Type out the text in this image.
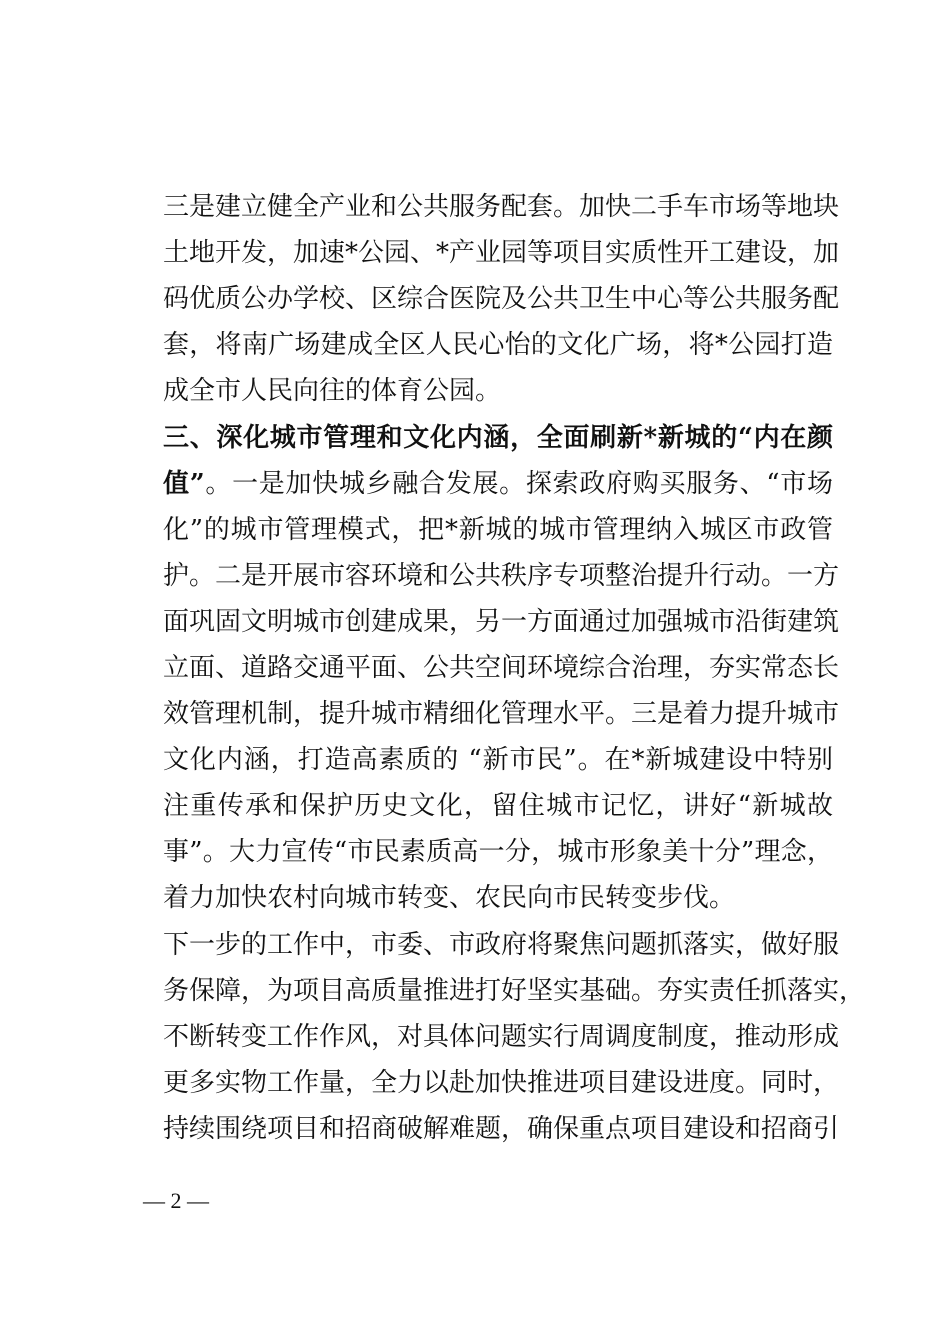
三是建立健全产业和公共服务配套。加快二手车市场等地块
土地开发，加速*公园、*产业园等项目实质性开工建设，加
码优质公办学校、区综合医院及公共卫生中心等公共服务配
套，将南广场建成全区人民心怡的文化广场，将*公园打造
成全市人民向往的体育公园。
三、深化城市管理和文化内涵，全面刷新*新城的“内在颜
值”。一是加快城乡融合发展。探索政府购买服务、“市场
化”的城市管理模式，把*新城的城市管理纳入城区市政管
护。二是开展市容环境和公共秩序专项整治提升行动。一方
面巩固文明城市创建成果，另一方面通过加强城市沿街建筑
立面、道路交通平面、公共空间环境综合治理，夯实常态长
效管理机制，提升城市精细化管理水平。三是着力提升城市
文化内涵，打造高素质的 “新市民”。在*新城建设中特别
注重传承和保护历史文化，留住城市记忆，讲好“新城故
事”。大力宣传“市民素质高一分，城市形象美十分”理念，
着力加快农村向城市转变、农民向市民转变步伐。
下一步的工作中，市委、市政府将聚焦问题抓落实，做好服
务保障，为项目高质量推进打好坚实基础。夯实责任抓落实，
不断转变工作作风，对具体问题实行周调度制度，推动形成
更多实物工作量，全力以赴加快推进项目建设进度。同时，
持续围绕项目和招商破解难题，确保重点项目建设和招商引
— 2 —
